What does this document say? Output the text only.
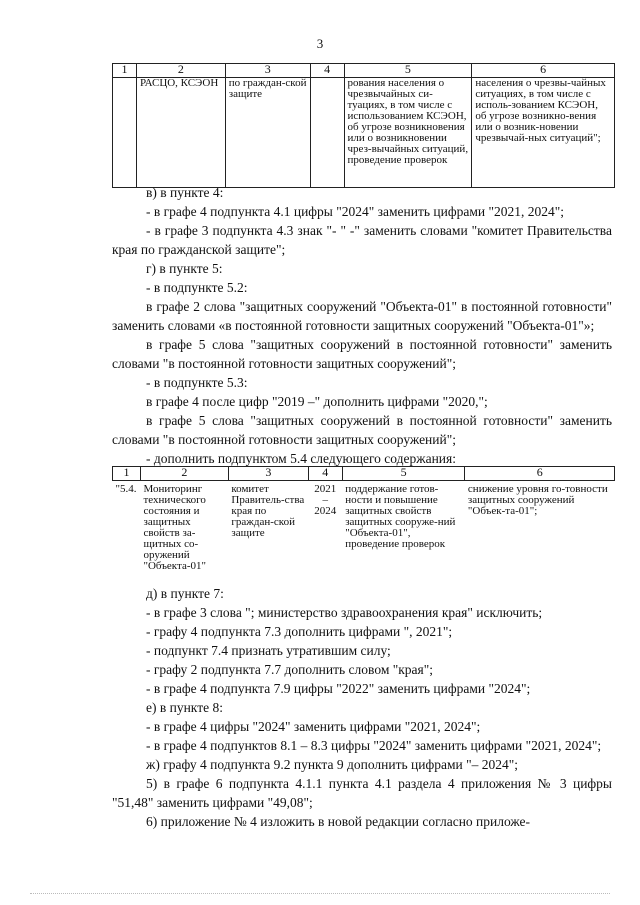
3
1	2	3	4	5	6
	РАСЦО, КСЭОН	по граждан-ской защите		рования населения о чрезвычайных си-туациях, в том числе с использованием КСЭОН, об угрозе возникновения или о возникновении чрез-вычайных ситуаций, проведение проверок	населения о чрезвы-чайных ситуациях, в том числе с исполь-зованием КСЭОН, об угрозе возникно-вения или о возник-новении чрезвычай-ных ситуаций";

в) в пункте 4:

- в графе 4 подпункта 4.1 цифры "2024" заменить цифрами "2021, 2024";

- в графе 3 подпункта 4.3 знак "- " -" заменить словами "комитет Правительства края по гражданской защите";

г) в пункте 5:

- в подпункте 5.2:

в графе 2 слова "защитных сооружений "Объекта-01" в постоянной готовности" заменить словами «в постоянной готовности защитных сооружений "Объекта-01"»;

в графе 5 слова "защитных сооружений в постоянной готовности" заменить словами "в постоянной готовности защитных сооружений";

- в подпункте 5.3:

в графе 4 после цифр "2019 –" дополнить цифрами "2020,";

в графе 5 слова "защитных сооружений в постоянной готовности" заменить словами "в постоянной готовности защитных сооружений";

- дополнить подпунктом 5.4 следующего содержания:

1	2	3	4	5	6
"5.4.	Мониторинг технического состояния и защитных свойств за-щитных со-оружений "Объекта-01"	комитет Правитель-ства края по граждан-ской защите	2021 – 2024	поддержание готов-ности и повышение защитных свойств защитных сооруже-ний "Объекта-01", проведение проверок	снижение уровня го-товности защитных сооружений "Объек-та-01";

д) в пункте 7:

- в графе 3 слова "; министерство здравоохранения края" исключить;

- графу 4 подпункта 7.3 дополнить цифрами ", 2021";

- подпункт 7.4 признать утратившим силу;

- графу 2 подпункта 7.7 дополнить словом "края";

- в графе 4 подпункта 7.9 цифры "2022" заменить цифрами "2024";

е) в пункте 8:

- в графе 4 цифры "2024" заменить цифрами "2021, 2024";

- в графе 4 подпунктов 8.1 – 8.3 цифры "2024" заменить цифрами "2021, 2024";

ж) графу 4 подпункта 9.2 пункта 9 дополнить цифрами "– 2024";

5) в графе 6 подпункта 4.1.1 пункта 4.1 раздела 4 приложения № 3 цифры "51,48" заменить цифрами "49,08";

6) приложение № 4 изложить в новой редакции согласно приложе-
